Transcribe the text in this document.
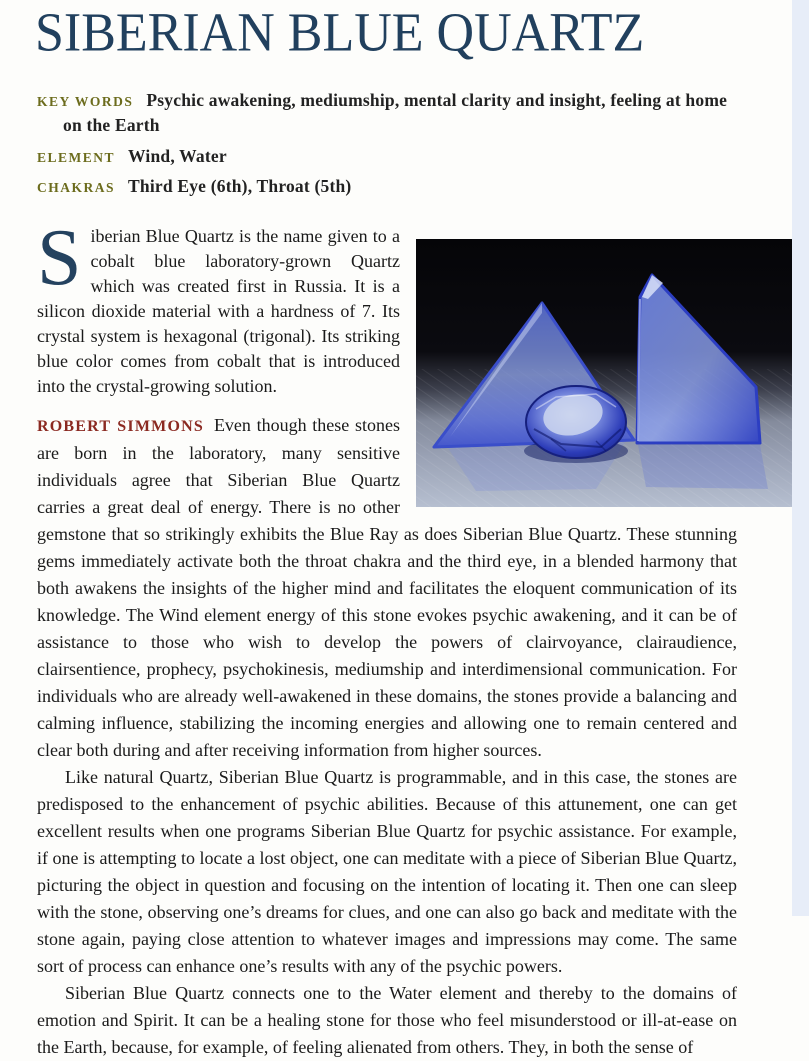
SIBERIAN BLUE QUARTZ
KEY WORDS Psychic awakening, mediumship, mental clarity and insight, feeling at home on the Earth
ELEMENT Wind, Water
CHAKRAS Third Eye (6th), Throat (5th)

Siberian Blue Quartz is the name given to a cobalt blue laboratory-grown Quartz which was created first in Russia. It is a silicon dioxide material with a hardness of 7. Its crystal system is hexagonal (trigonal). Its striking blue color comes from cobalt that is introduced into the crystal-growing solution.

ROBERT SIMMONS Even though these stones are born in the laboratory, many sensitive individuals agree that Siberian Blue Quartz carries a great deal of energy. There is no other gemstone that so strikingly exhibits the Blue Ray as does Siberian Blue Quartz. These stunning gems immediately activate both the throat chakra and the third eye, in a blended harmony that both awakens the insights of the higher mind and facilitates the eloquent communication of its knowledge. The Wind element energy of this stone evokes psychic awakening, and it can be of assistance to those who wish to develop the powers of clairvoyance, clairaudience, clairsentience, prophecy, psychokinesis, mediumship and interdimensional communication. For individuals who are already well-awakened in these domains, the stones provide a balancing and calming influence, stabilizing the incoming energies and allowing one to remain centered and clear both during and after receiving information from higher sources.

Like natural Quartz, Siberian Blue Quartz is programmable, and in this case, the stones are predisposed to the enhancement of psychic abilities. Because of this attunement, one can get excellent results when one programs Siberian Blue Quartz for psychic assistance. For example, if one is attempting to locate a lost object, one can meditate with a piece of Siberian Blue Quartz, picturing the object in question and focusing on the intention of locating it. Then one can sleep with the stone, observing one’s dreams for clues, and one can also go back and meditate with the stone again, paying close attention to whatever images and impressions may come. The same sort of process can enhance one’s results with any of the psychic powers.

Siberian Blue Quartz connects one to the Water element and thereby to the domains of emotion and Spirit. It can be a healing stone for those who feel misunderstood or ill-at-ease on the Earth, because, for example, of feeling alienated from others. They, in both the sense of
